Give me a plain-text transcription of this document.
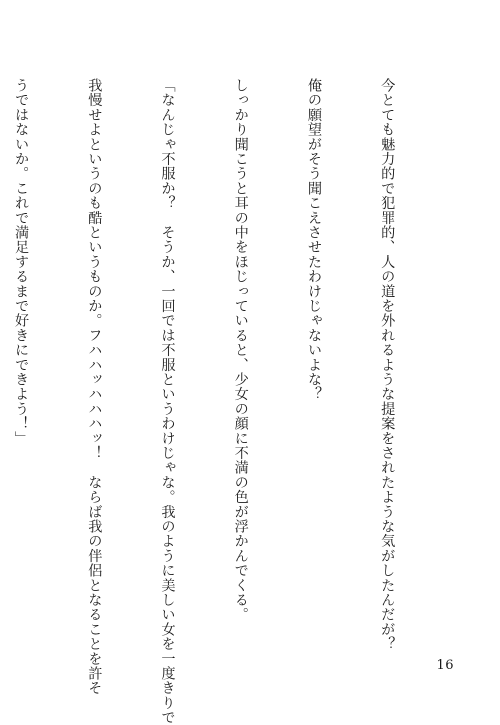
今とても魅力的で犯罪的、人の道を外れるような提案をされたような気がしたんだが？

俺の願望がそう聞こえさせたわけじゃないよな？

しっかり聞こうと耳の中をほじっていると、少女の顔に不満の色が浮かんでくる。

「なんじゃ不服か？　そうか、一回では不服というわけじゃな。我のように美しい女を一度きりで

我慢せよというのも酷というものか。フハハッハハハッ！　ならば我の伴侶となることを許そ

うではないか。これで満足するまで好きにできよう！」

16
